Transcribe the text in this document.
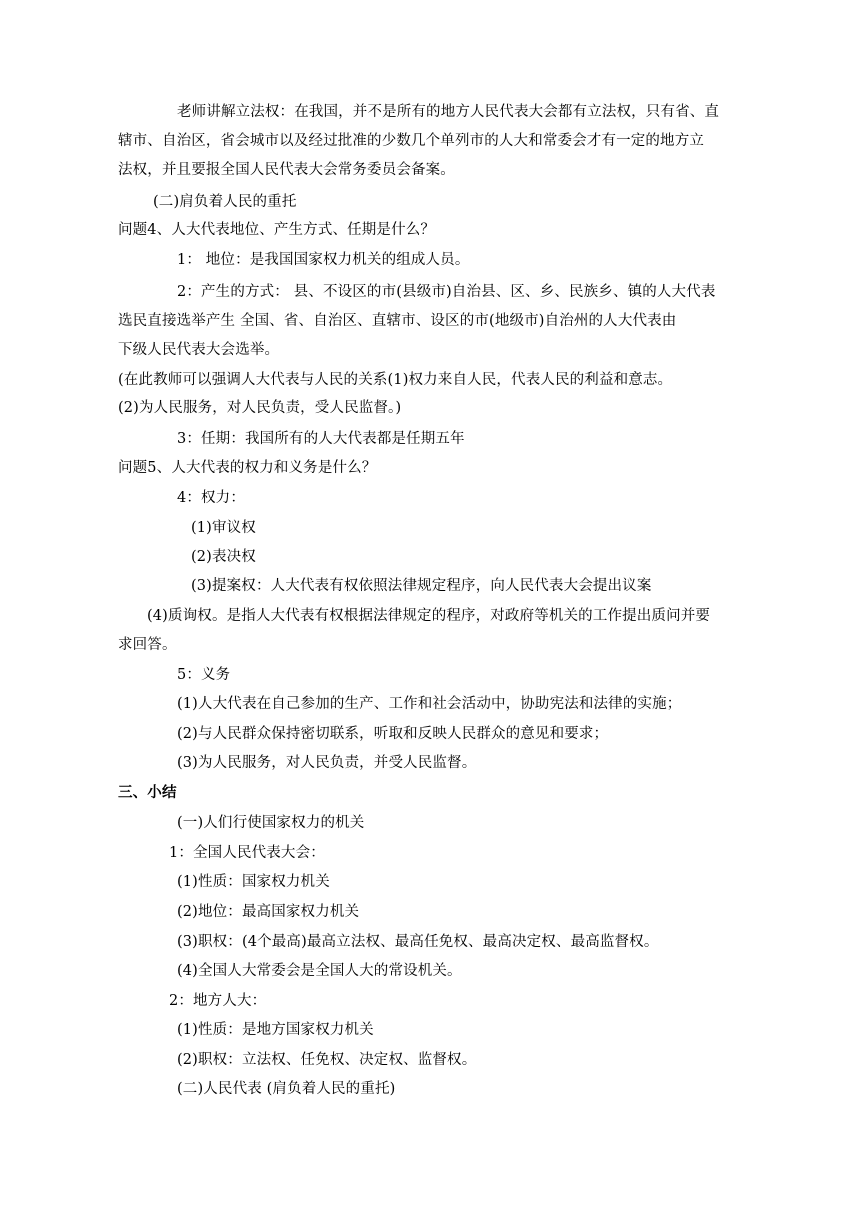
老师讲解立法权：在我国，并不是所有的地方人民代表大会都有立法权，只有省、直
辖市、自治区，省会城市以及经过批准的少数几个单列市的人大和常委会才有一定的地方立
法权，并且要报全国人民代表大会常务委员会备案。
(二)肩负着人民的重托
问题4、人大代表地位、产生方式、任期是什么？
1： 地位：是我国国家权力机关的组成人员。
2：产生的方式： 县、不设区的市(县级市)自治县、区、乡、民族乡、镇的人大代表
选民直接选举产生 全国、省、自治区、直辖市、设区的市(地级市)自治州的人大代表由
下级人民代表大会选举。
(在此教师可以强调人大代表与人民的关系(1)权力来自人民，代表人民的利益和意志。
(2)为人民服务，对人民负责，受人民监督。)
3：任期：我国所有的人大代表都是任期五年
问题5、人大代表的权力和义务是什么？
4：权力：
(1)审议权
(2)表决权
(3)提案权：人大代表有权依照法律规定程序，向人民代表大会提出议案
(4)质询权。是指人大代表有权根据法律规定的程序，对政府等机关的工作提出质问并要
求回答。
5：义务
(1)人大代表在自己参加的生产、工作和社会活动中，协助宪法和法律的实施；
(2)与人民群众保持密切联系，听取和反映人民群众的意见和要求；
(3)为人民服务，对人民负责，并受人民监督。
三、小结
(一)人们行使国家权力的机关
1：全国人民代表大会：
(1)性质：国家权力机关
(2)地位：最高国家权力机关
(3)职权：(4个最高)最高立法权、最高任免权、最高决定权、最高监督权。
(4)全国人大常委会是全国人大的常设机关。
2：地方人大：
(1)性质：是地方国家权力机关
(2)职权：立法权、任免权、决定权、监督权。
(二)人民代表 (肩负着人民的重托)
